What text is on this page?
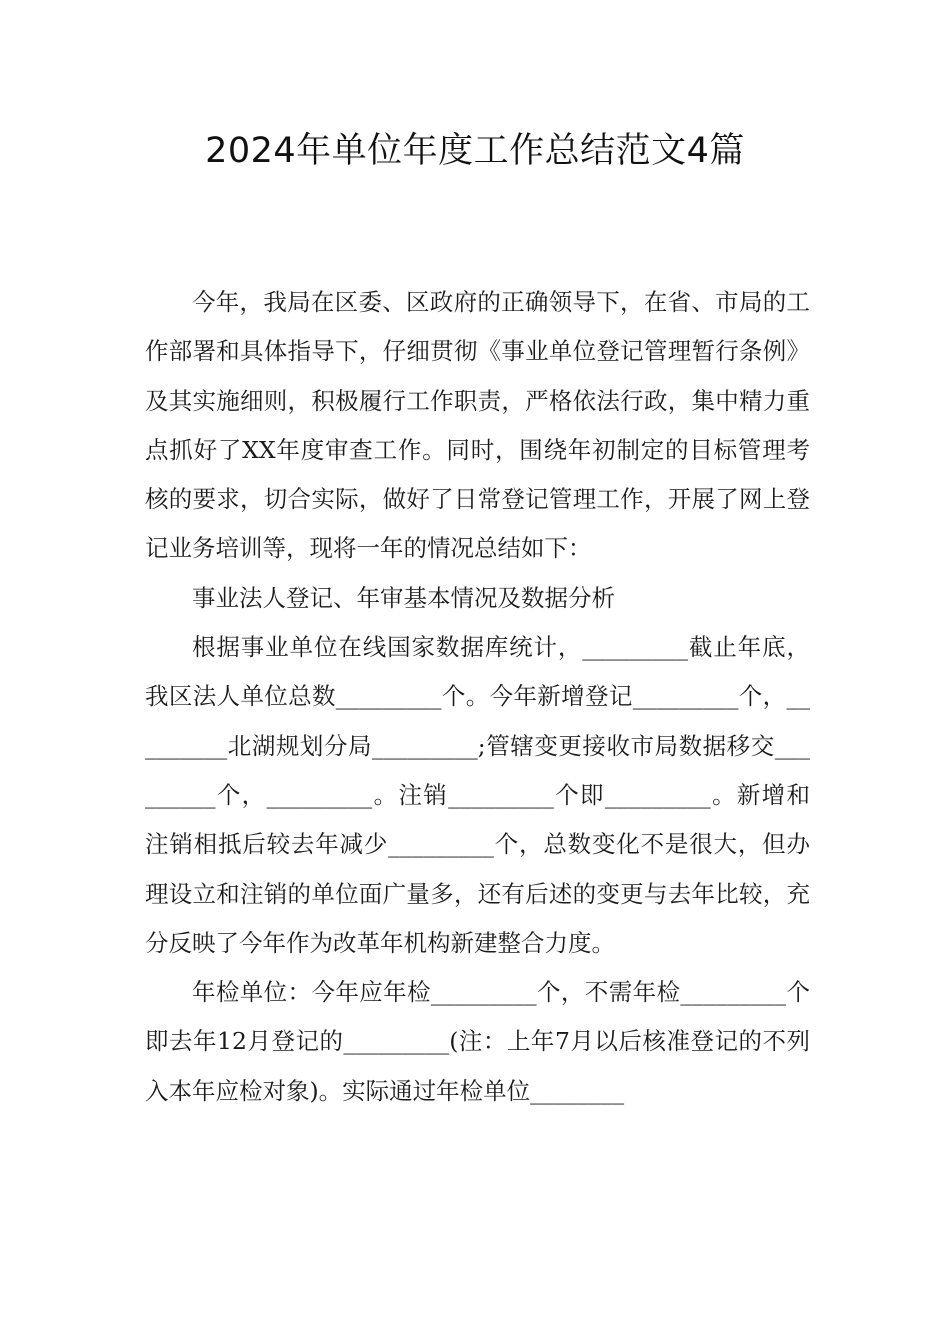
2024年单位年度工作总结范文4篇

今年，我局在区委、区政府的正确领导下，在省、市局的工作部署和具体指导下，仔细贯彻《事业单位登记管理暂行条例》及其实施细则，积极履行工作职责，严格依法行政，集中精力重点抓好了XX年度审查工作。同时，围绕年初制定的目标管理考核的要求，切合实际，做好了日常登记管理工作，开展了网上登记业务培训等，现将一年的情况总结如下：

事业法人登记、年审基本情况及数据分析

根据事业单位在线国家数据库统计，_________截止年底，我区法人单位总数_________个。今年新增登记_________个，_________北湖规划分局_________;管辖变更接收市局数据移交_________个，_________。注销_________个即_________。新增和注销相抵后较去年减少_________个，总数变化不是很大，但办理设立和注销的单位面广量多，还有后述的变更与去年比较，充分反映了今年作为改革年机构新建整合力度。

年检单位：今年应年检_________个，不需年检_________个即去年12月登记的_________(注：上年7月以后核准登记的不列入本年应检对象)。实际通过年检单位________
